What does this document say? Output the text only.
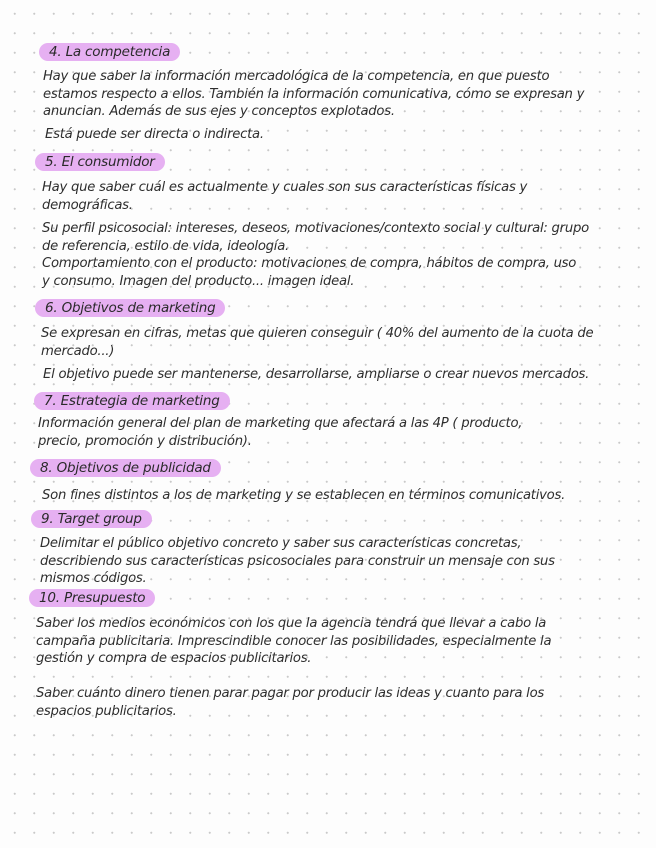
4. La competencia
Hay que saber la información mercadológica de la competencia, en que puesto
estamos respecto a ellos. También la información comunicativa, cómo se expresan y
anuncian. Además de sus ejes y conceptos explotados.
Está puede ser directa o indirecta.
5. El consumidor
Hay que saber cuál es actualmente y cuales son sus características físicas y
demográficas.
Su perfil psicosocial: intereses, deseos, motivaciones/contexto social y cultural: grupo
de referencia, estilo de vida, ideología.
Comportamiento con el producto: motivaciones de compra, hábitos de compra, uso
y consumo. Imagen del producto... imagen ideal.
6. Objetivos de marketing
Se expresan en cifras, metas que quieren conseguir ( 40% del aumento de la cuota de
mercado...)
El objetivo puede ser mantenerse, desarrollarse, ampliarse o crear nuevos mercados.
7. Estrategia de marketing
Información general del plan de marketing que afectará a las 4P ( producto,
precio, promoción y distribución).
8. Objetivos de publicidad
Son fines distintos a los de marketing y se establecen en términos comunicativos.
9. Target group
Delimitar el público objetivo concreto y saber sus características concretas,
describiendo sus características psicosociales para construir un mensaje con sus
mismos códigos.
10. Presupuesto
Saber los medios económicos con los que la agencia tendrá que llevar a cabo la
campaña publicitaria. Imprescindible conocer las posibilidades, especialmente la
gestión y compra de espacios publicitarios.
Saber cuánto dinero tienen parar pagar por producir las ideas y cuanto para los
espacios publicitarios.
